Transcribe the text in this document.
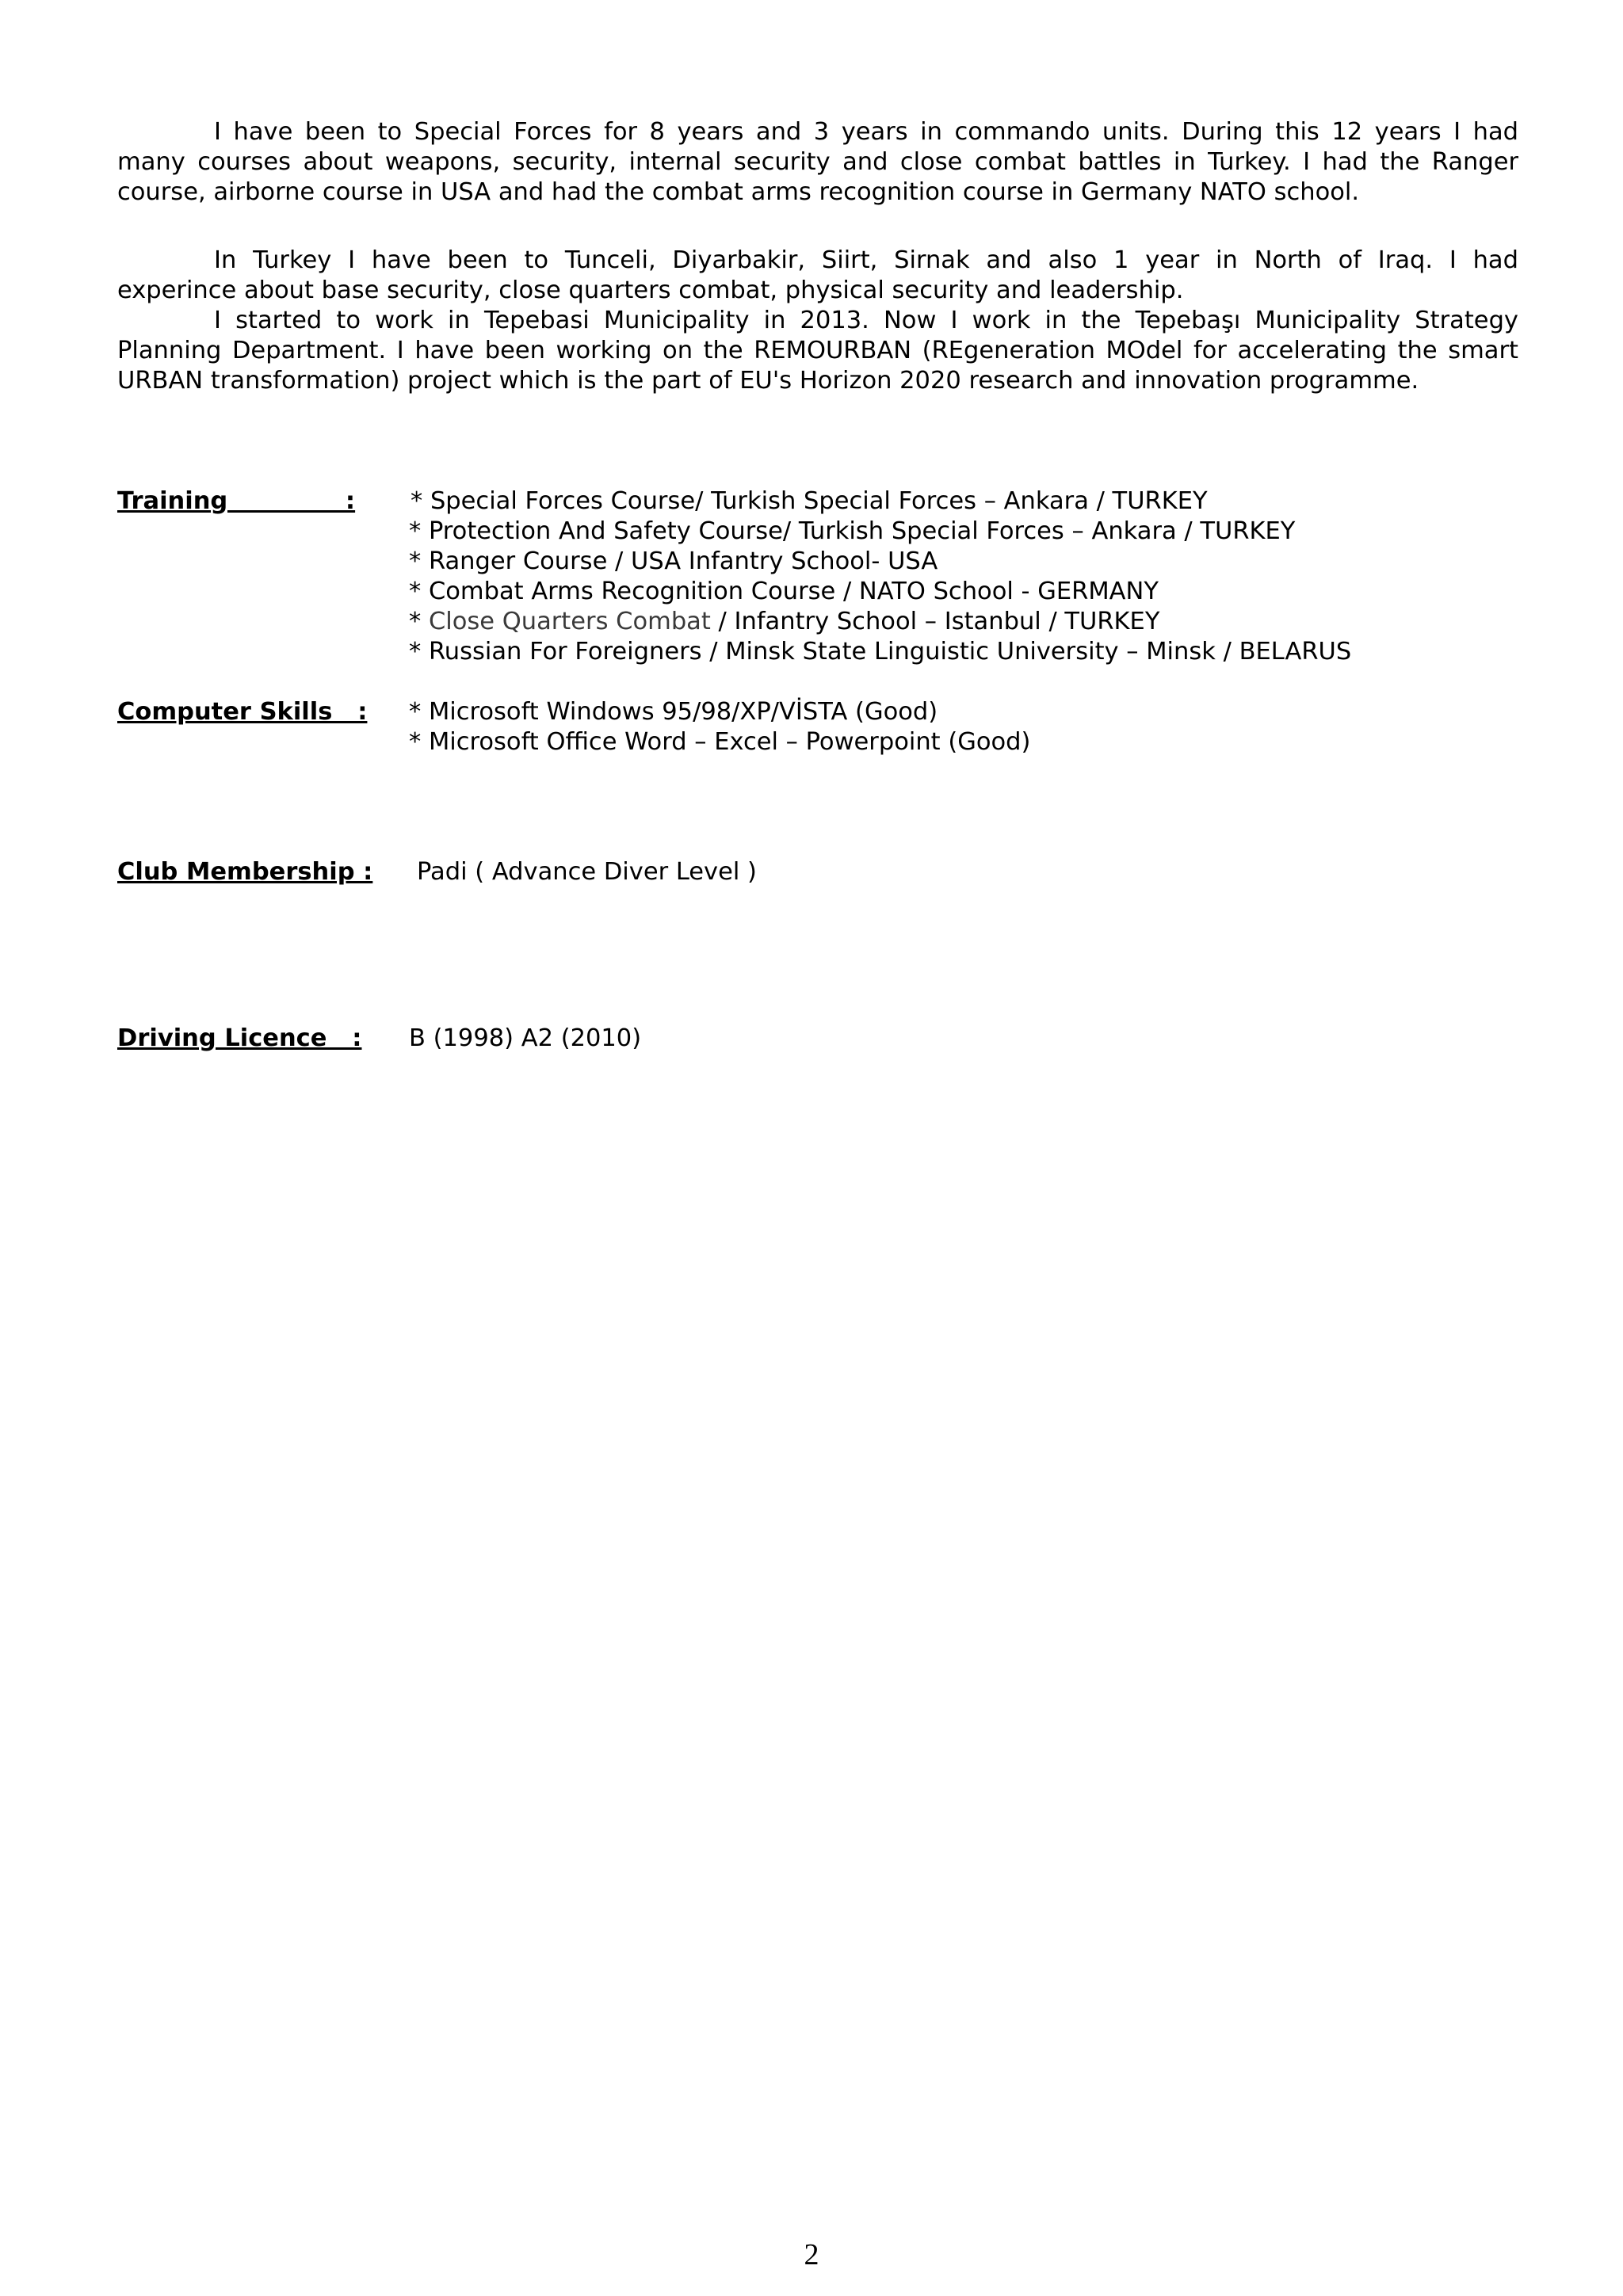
I have been to Special Forces for 8 years and 3 years in commando units. During this 12 years I had
many courses about weapons, security, internal security and close combat battles in Turkey. I had the Ranger
course, airborne course in USA and had the combat arms recognition course in Germany NATO school.
In Turkey I have been to Tunceli, Diyarbakir, Siirt, Sirnak and also 1 year in North of Iraq. I had
experince about base security, close quarters combat, physical security and leadership.
I started to work in Tepebasi Municipality in 2013. Now I work in the Tepebaşı Municipality Strategy
Planning Department. I have been working on the REMOURBAN (REgeneration MOdel for accelerating the smart
URBAN transformation) project which is the part of EU's Horizon 2020 research and innovation programme.
Training              : * Special Forces Course/ Turkish Special Forces – Ankara / TURKEY
* Protection And Safety Course/ Turkish Special Forces – Ankara / TURKEY
* Ranger Course / USA Infantry School- USA
* Combat Arms Recognition Course / NATO School - GERMANY
* Close Quarters Combat / Infantry School – Istanbul / TURKEY
* Russian For Foreigners / Minsk State Linguistic University – Minsk / BELARUS
Computer Skills   : * Microsoft Windows 95/98/XP/VİSTA (Good)
* Microsoft Office Word – Excel – Powerpoint (Good)
Club Membership : Padi ( Advance Diver Level )
Driving Licence   : B (1998) A2 (2010)
2
